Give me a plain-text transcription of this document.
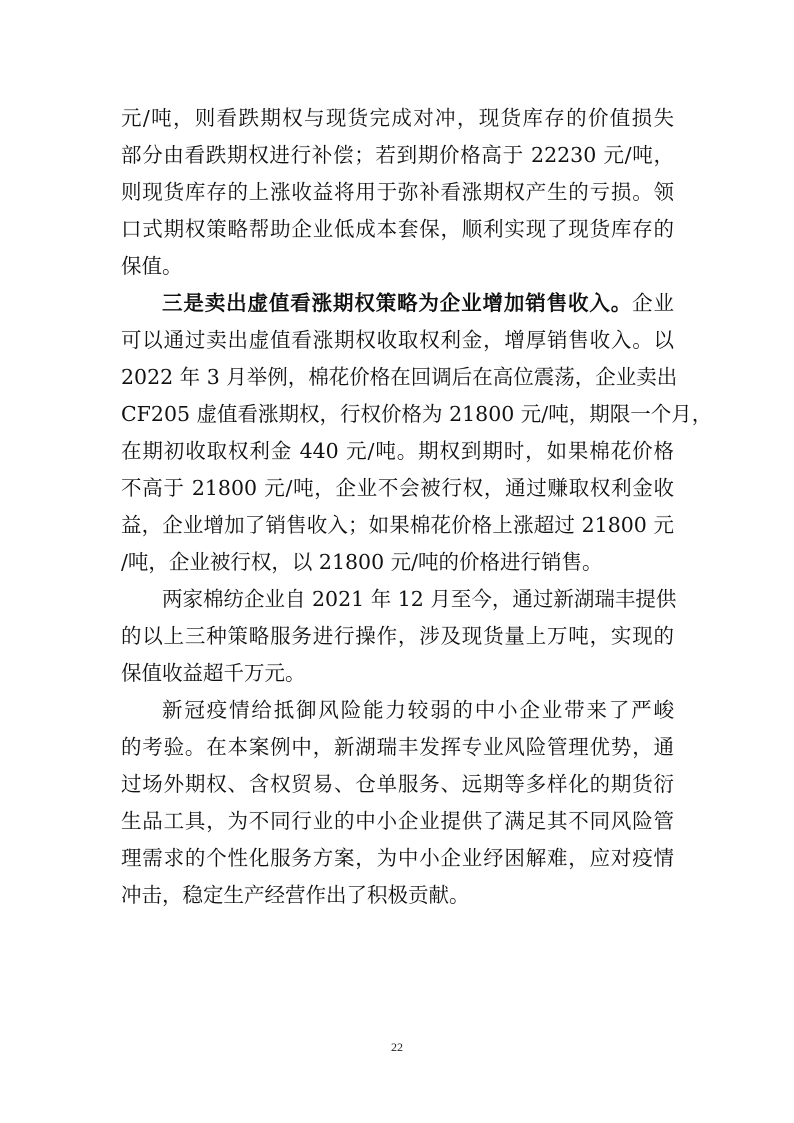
元/吨，则看跌期权与现货完成对冲，现货库存的价值损失
部分由看跌期权进行补偿；若到期价格高于 22230 元/吨，
则现货库存的上涨收益将用于弥补看涨期权产生的亏损。领
口式期权策略帮助企业低成本套保，顺利实现了现货库存的
保值。
三是卖出虚值看涨期权策略为企业增加销售收入。企业
可以通过卖出虚值看涨期权收取权利金，增厚销售收入。以
2022 年 3 月举例，棉花价格在回调后在高位震荡，企业卖出
CF205 虚值看涨期权，行权价格为 21800 元/吨，期限一个月，
在期初收取权利金 440 元/吨。期权到期时，如果棉花价格
不高于 21800 元/吨，企业不会被行权，通过赚取权利金收
益，企业增加了销售收入；如果棉花价格上涨超过 21800 元
/吨，企业被行权，以 21800 元/吨的价格进行销售。
两家棉纺企业自 2021 年 12 月至今，通过新湖瑞丰提供
的以上三种策略服务进行操作，涉及现货量上万吨，实现的
保值收益超千万元。
新冠疫情给抵御风险能力较弱的中小企业带来了严峻
的考验。在本案例中，新湖瑞丰发挥专业风险管理优势，通
过场外期权、含权贸易、仓单服务、远期等多样化的期货衍
生品工具，为不同行业的中小企业提供了满足其不同风险管
理需求的个性化服务方案，为中小企业纾困解难，应对疫情
冲击，稳定生产经营作出了积极贡献。
22
